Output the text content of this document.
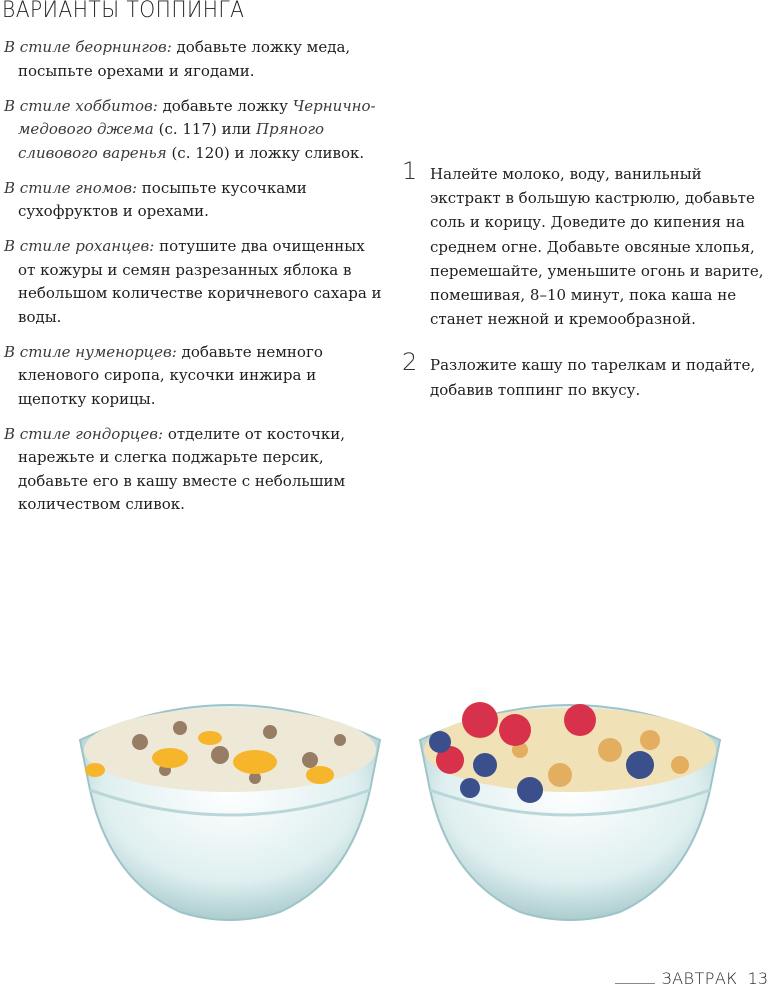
ВАРИАНТЫ ТОППИНГА

В стиле беорнингов: добавьте ложку меда, посыпьте орехами и ягодами.

В стиле хоббитов: добавьте ложку Чернично-медового джема (с. 117) или Пряного сливового варенья (с. 120) и ложку сливок.

В стиле гномов: посыпьте кусочками сухофруктов и орехами.

В стиле роханцев: потушите два очищенных от кожуры и семян разрезанных яблока в небольшом количестве коричневого сахара и воды.

В стиле нуменорцев: добавьте немного кленового сиропа, кусочки инжира и щепотку корицы.

В стиле гондорцев: отделите от косточки, нарежьте и слегка поджарьте персик, добавьте его в кашу вместе с небольшим количеством сливок.

1 Налейте молоко, воду, ванильный экстракт в большую кастрюлю, добавьте соль и корицу. Доведите до кипения на среднем огне. Добавьте овсяные хлопья, перемешайте, уменьшите огонь и варите, помешивая, 8–10 минут, пока каша не станет нежной и кремообразной.
2 Разложите кашу по тарелкам и подайте, добавив топпинг по вкусу.
ЗАВТРАК 13
